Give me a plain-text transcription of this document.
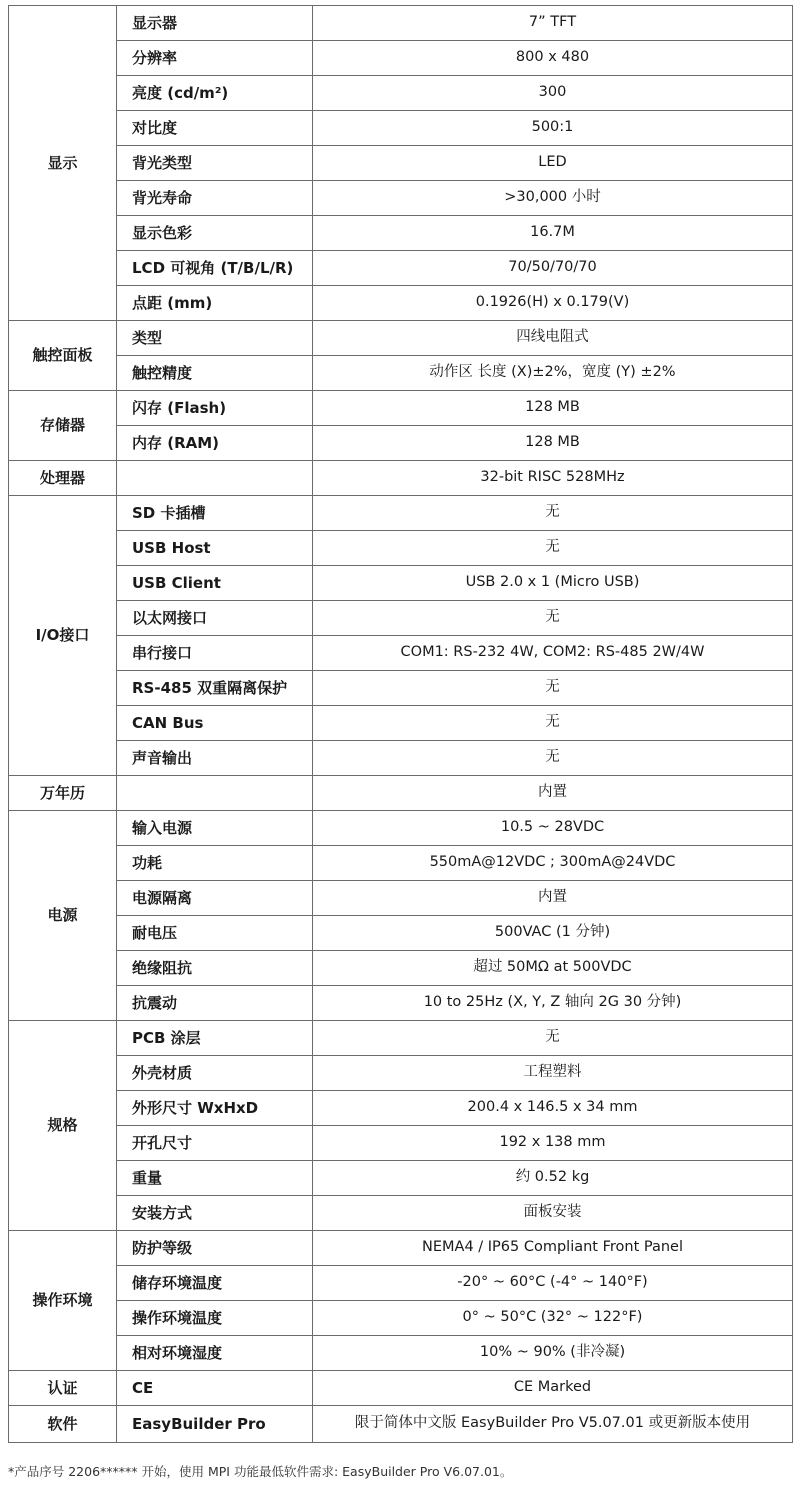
显示	显示器	7” TFT
	分辨率	800 x 480
	亮度 (cd/m²)	300
	对比度	500:1
	背光类型	LED
	背光寿命	>30,000 小时
	显示色彩	16.7M
	LCD 可视角 (T/B/L/R)	70/50/70/70
	点距 (mm)	0.1926(H) x 0.179(V)
触控面板	类型	四线电阻式
	触控精度	动作区 长度 (X)±2%，宽度 (Y) ±2%
存储器	闪存 (Flash)	128 MB
	内存 (RAM)	128 MB
处理器		32-bit RISC 528MHz
I/O接口	SD 卡插槽	无
	USB Host	无
	USB Client	USB 2.0 x 1 (Micro USB)
	以太网接口	无
	串行接口	COM1: RS-232 4W, COM2: RS-485 2W/4W
	RS-485 双重隔离保护	无
	CAN Bus	无
	声音输出	无
万年历		内置
电源	输入电源	10.5 ~ 28VDC
	功耗	550mA@12VDC ; 300mA@24VDC
	电源隔离	内置
	耐电压	500VAC (1 分钟)
	绝缘阻抗	超过 50MΩ at 500VDC
	抗震动	10 to 25Hz (X, Y, Z 轴向 2G 30 分钟)
规格	PCB 涂层	无
	外壳材质	工程塑料
	外形尺寸 WxHxD	200.4 x 146.5 x 34 mm
	开孔尺寸	192 x 138 mm
	重量	约 0.52 kg
	安装方式	面板安装
操作环境	防护等级	NEMA4 / IP65 Compliant Front Panel
	储存环境温度	-20° ~ 60°C (-4° ~ 140°F)
	操作环境温度	0° ~ 50°C (32° ~ 122°F)
	相对环境湿度	10% ~ 90% (非冷凝)
认证	CE	CE Marked
软件	EasyBuilder Pro	限于简体中文版 EasyBuilder Pro V5.07.01 或更新版本使用
*产品序号 2206****** 开始，使用 MPI 功能最低软件需求: EasyBuilder Pro V6.07.01。
